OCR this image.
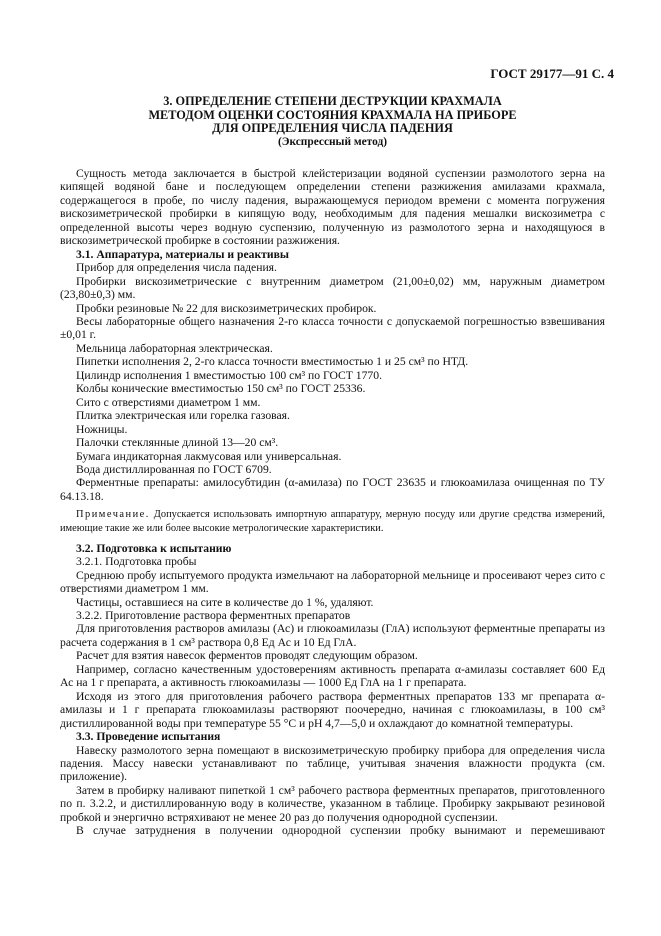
ГОСТ 29177—91 С. 4
3. ОПРЕДЕЛЕНИЕ СТЕПЕНИ ДЕСТРУКЦИИ КРАХМАЛА
МЕТОДОМ ОЦЕНКИ СОСТОЯНИЯ КРАХМАЛА НА ПРИБОРЕ
ДЛЯ ОПРЕДЕЛЕНИЯ ЧИСЛА ПАДЕНИЯ
(Экспрессный метод)

Сущность метода заключается в быстрой клейстеризации водяной суспензии размолотого зерна на кипящей водяной бане и последующем определении степени разжижения амилазами крахмала, содержащегося в пробе, по числу падения, выражающемуся периодом времени с момента погружения вискозиметрической пробирки в кипящую воду, необходимым для падения мешалки вискозиметра с определенной высоты через водную суспензию, полученную из размолотого зерна и находящуюся в вискозиметрической пробирке в состоянии разжижения.

3.1. Аппаратура, материалы и реактивы

Прибор для определения числа падения.

Пробирки вискозиметрические с внутренним диаметром (21,00±0,02) мм, наружным диаметром (23,80±0,3) мм.

Пробки резиновые № 22 для вискозиметрических пробирок.

Весы лабораторные общего назначения 2-го класса точности с допускаемой погрешностью взвешивания ±0,01 г.

Мельница лабораторная электрическая.

Пипетки исполнения 2, 2-го класса точности вместимостью 1 и 25 см³ по НТД.

Цилиндр исполнения 1 вместимостью 100 см³ по ГОСТ 1770.

Колбы конические вместимостью 150 см³ по ГОСТ 25336.

Сито с отверстиями диаметром 1 мм.

Плитка электрическая или горелка газовая.

Ножницы.

Палочки стеклянные длиной 13—20 см³.

Бумага индикаторная лакмусовая или универсальная.

Вода дистиллированная по ГОСТ 6709.

Ферментные препараты: амилосубтидин (α-амилаза) по ГОСТ 23635 и глюкоамилаза очищенная по ТУ 64.13.18.

Примечание. Допускается использовать импортную аппаратуру, мерную посуду или другие средства измерений, имеющие такие же или более высокие метрологические характеристики.

3.2. Подготовка к испытанию

3.2.1. Подготовка пробы

Среднюю пробу испытуемого продукта измельчают на лабораторной мельнице и просеивают через сито с отверстиями диаметром 1 мм.

Частицы, оставшиеся на сите в количестве до 1 %, удаляют.

3.2.2. Приготовление раствора ферментных препаратов

Для приготовления растворов амилазы (Ас) и глюкоамилазы (ГлА) используют ферментные препараты из расчета содержания в 1 см³ раствора 0,8 Ед Ас и 10 Ед ГлА.

Расчет для взятия навесок ферментов проводят следующим образом.

Например, согласно качественным удостоверениям активность препарата α-амилазы составляет 600 Ед Ас на 1 г препарата, а активность глюкоамилазы — 1000 Ед ГлА на 1 г препарата.

Исходя из этого для приготовления рабочего раствора ферментных препаратов 133 мг препарата α-амилазы и 1 г препарата глюкоамилазы растворяют поочередно, начиная с глюкоамилазы, в 100 см³ дистиллированной воды при температуре 55 °С и рН 4,7—5,0 и охлаждают до комнатной температуры.

3.3. Проведение испытания

Навеску размолотого зерна помещают в вискозиметрическую пробирку прибора для определения числа падения. Массу навески устанавливают по таблице, учитывая значения влажности продукта (см. приложение).

Затем в пробирку наливают пипеткой 1 см³ рабочего раствора ферментных препаратов, приготовленного по п. 3.2.2, и дистиллированную воду в количестве, указанном в таблице. Пробирку закрывают резиновой пробкой и энергично встряхивают не менее 20 раз до получения однородной суспензии.

В случае затруднения в получении однородной суспензии пробку вынимают и перемешивают
